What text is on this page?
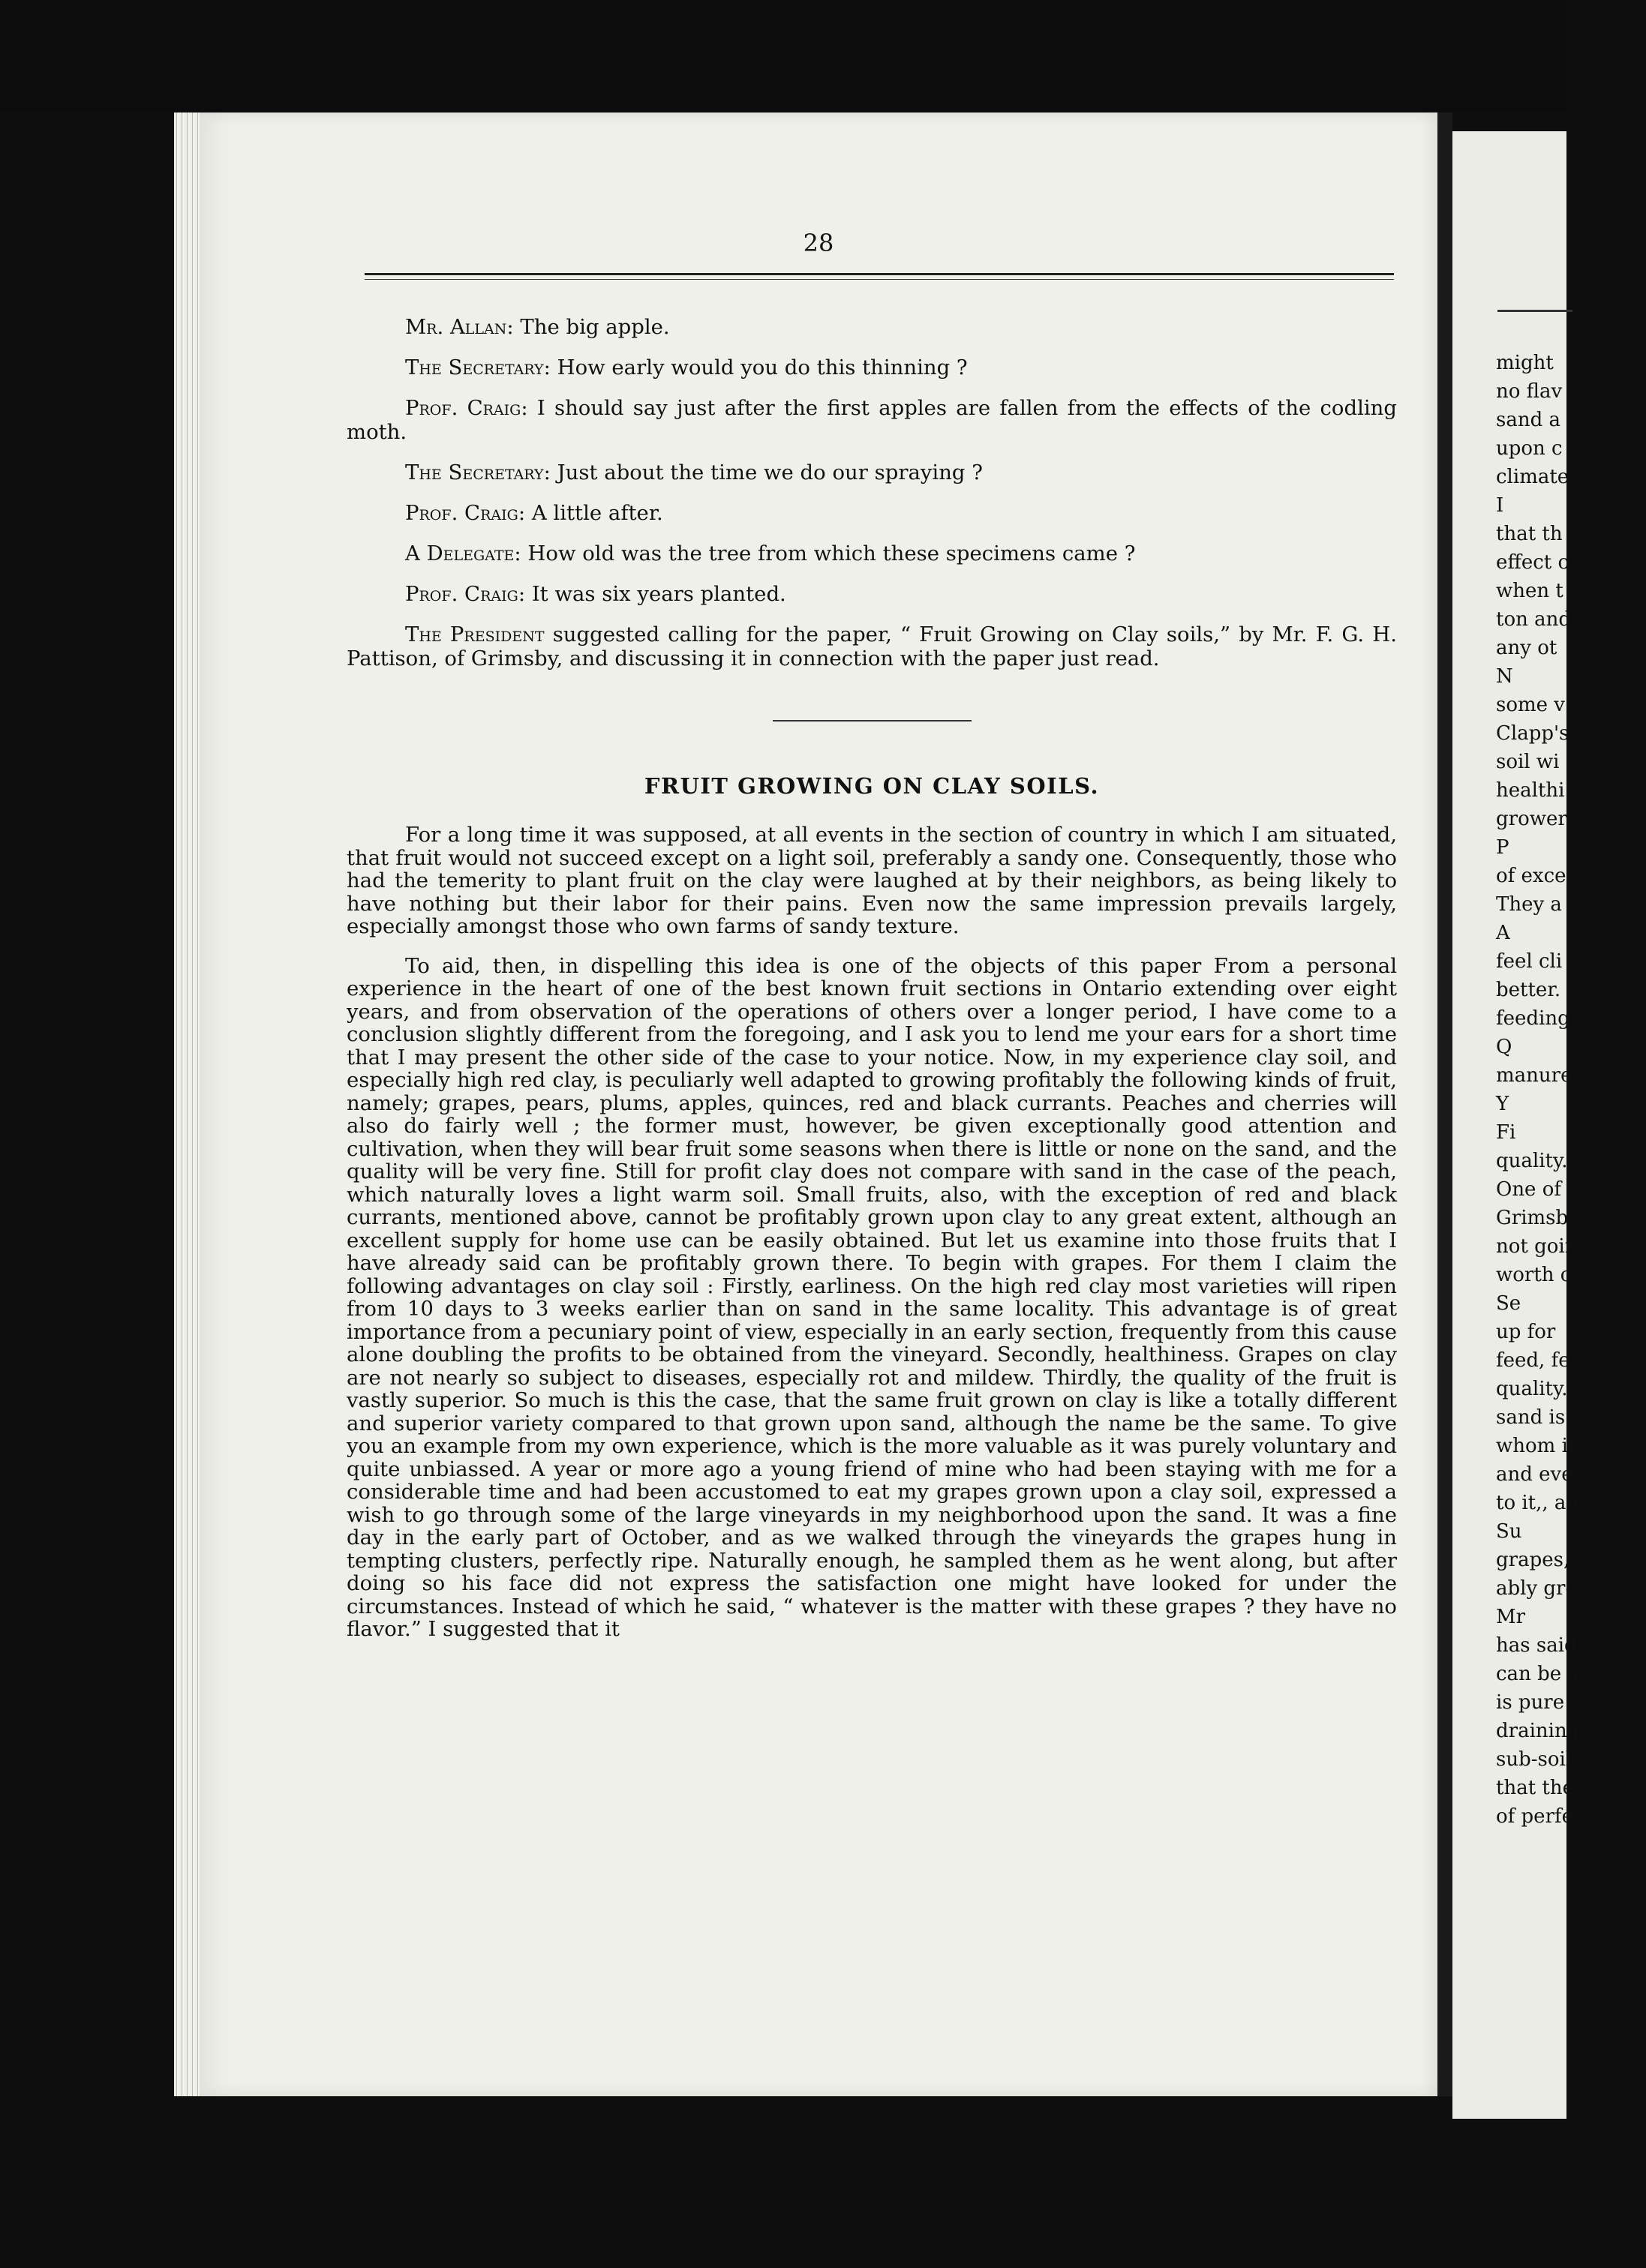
28

Mr. Allan: The big apple.

The Secretary: How early would you do this thinning ?

Prof. Craig: I should say just after the first apples are fallen from the effects of the codling moth.

The Secretary: Just about the time we do our spraying ?

Prof. Craig: A little after.

A Delegate: How old was the tree from which these specimens came ?

Prof. Craig: It was six years planted.

The President suggested calling for the paper, “ Fruit Growing on Clay soils,” by Mr. F. G. H. Pattison, of Grimsby, and discussing it in connection with the paper just read.

FRUIT GROWING ON CLAY SOILS.

For a long time it was supposed, at all events in the section of country in which I am situated, that fruit would not succeed except on a light soil, preferably a sandy one. Consequently, those who had the temerity to plant fruit on the clay were laughed at by their neighbors, as being likely to have nothing but their labor for their pains. Even now the same impression prevails largely, especially amongst those who own farms of sandy texture.

To aid, then, in dispelling this idea is one of the objects of this paper From a personal experience in the heart of one of the best known fruit sections in Ontario extending over eight years, and from observation of the operations of others over a longer period, I have come to a conclusion slightly different from the foregoing, and I ask you to lend me your ears for a short time that I may present the other side of the case to your notice. Now, in my experience clay soil, and especially high red clay, is peculiarly well adapted to growing profitably the following kinds of fruit, namely; grapes, pears, plums, apples, quinces, red and black currants. Peaches and cherries will also do fairly well ; the former must, however, be given exceptionally good attention and cultivation, when they will bear fruit some seasons when there is little or none on the sand, and the quality will be very fine. Still for profit clay does not compare with sand in the case of the peach, which naturally loves a light warm soil. Small fruits, also, with the exception of red and black currants, mentioned above, cannot be profitably grown upon clay to any great extent, although an excellent supply for home use can be easily obtained. But let us examine into those fruits that I have already said can be profitably grown there. To begin with grapes. For them I claim the following advantages on clay soil : Firstly, earliness. On the high red clay most varieties will ripen from 10 days to 3 weeks earlier than on sand in the same locality. This advantage is of great importance from a pecuniary point of view, especially in an early section, frequently from this cause alone doubling the profits to be obtained from the vineyard. Secondly, healthiness. Grapes on clay are not nearly so subject to diseases, especially rot and mildew. Thirdly, the quality of the fruit is vastly superior. So much is this the case, that the same fruit grown on clay is like a totally different and superior variety compared to that grown upon sand, although the name be the same. To give you an example from my own experience, which is the more valuable as it was purely voluntary and quite unbiassed. A year or more ago a young friend of mine who had been staying with me for a considerable time and had been accustomed to eat my grapes grown upon a clay soil, expressed a wish to go through some of the large vineyards in my neighborhood upon the sand. It was a fine day in the early part of October, and as we walked through the vineyards the grapes hung in tempting clusters, perfectly ripe. Naturally enough, he sampled them as he went along, but after doing so his face did not express the satisfaction one might have looked for under the circumstances. Instead of which he said, “ whatever is the matter with these grapes ? they have no flavor.” I suggested that it

might
no flav
sand a
upon c
climate
I
that th
effect o
when t
ton and
any ot
N
some v
Clapp's
soil wi
healthi
grower
P
of exce
They a
A
feel cli
better.
feeding
Q
manure
Y
Fi
quality.
One of
Grimsb
not goir
worth c
Se
up for
feed, fe
quality.
sand is
whom it
and eve
to it,, an
Su
grapes,
ably gro
Mr
has said
can be s
is pure c
draining
sub-soils
that the
of perfe
